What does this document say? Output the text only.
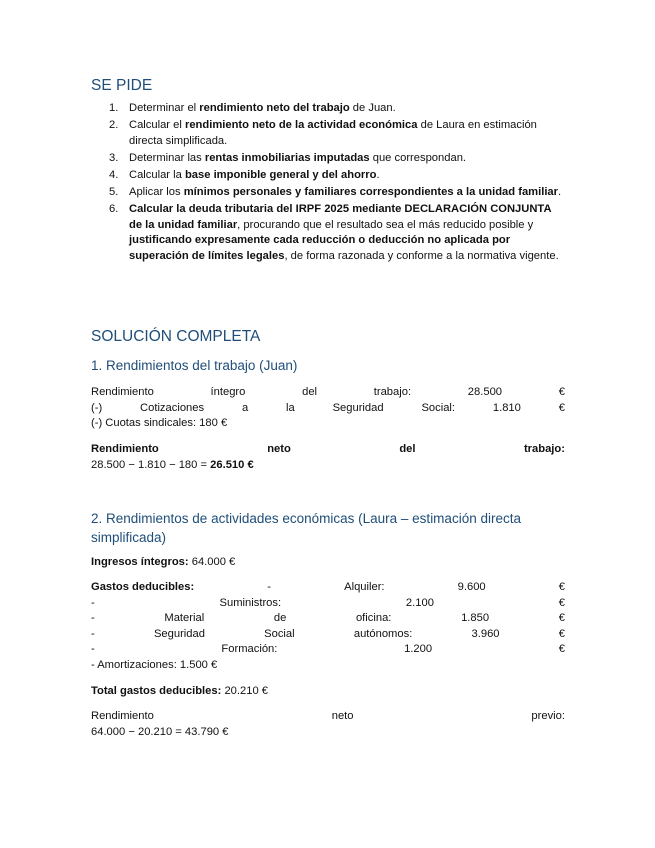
SE PIDE
1. Determinar el rendimiento neto del trabajo de Juan.
2. Calcular el rendimiento neto de la actividad económica de Laura en estimación directa simplificada.
3. Determinar las rentas inmobiliarias imputadas que correspondan.
4. Calcular la base imponible general y del ahorro.
5. Aplicar los mínimos personales y familiares correspondientes a la unidad familiar.
6. Calcular la deuda tributaria del IRPF 2025 mediante DECLARACIÓN CONJUNTA de la unidad familiar, procurando que el resultado sea el más reducido posible y justificando expresamente cada reducción o deducción no aplicada por superación de límites legales, de forma razonada y conforme a la normativa vigente.
SOLUCIÓN COMPLETA
1. Rendimientos del trabajo (Juan)
Rendimiento	íntegro	del	trabajo:	28.500	€
(-)	Cotizaciones	a	la	Seguridad	Social:	1.810	€
(-) Cuotas sindicales: 180 €
Rendimiento	neto	del	trabajo:
28.500 − 1.810 − 180 = 26.510 €
2. Rendimientos de actividades económicas (Laura – estimación directa simplificada)
Ingresos íntegros: 64.000 €
Gastos deducibles:	-	Alquiler:	9.600	€
-	Suministros:	2.100	€
-	Material	de	oficina:	1.850	€
-	Seguridad	Social	autónomos:	3.960	€
-	Formación:	1.200	€
- Amortizaciones: 1.500 €
Total gastos deducibles: 20.210 €
Rendimiento	neto	previo:
64.000 − 20.210 = 43.790 €
